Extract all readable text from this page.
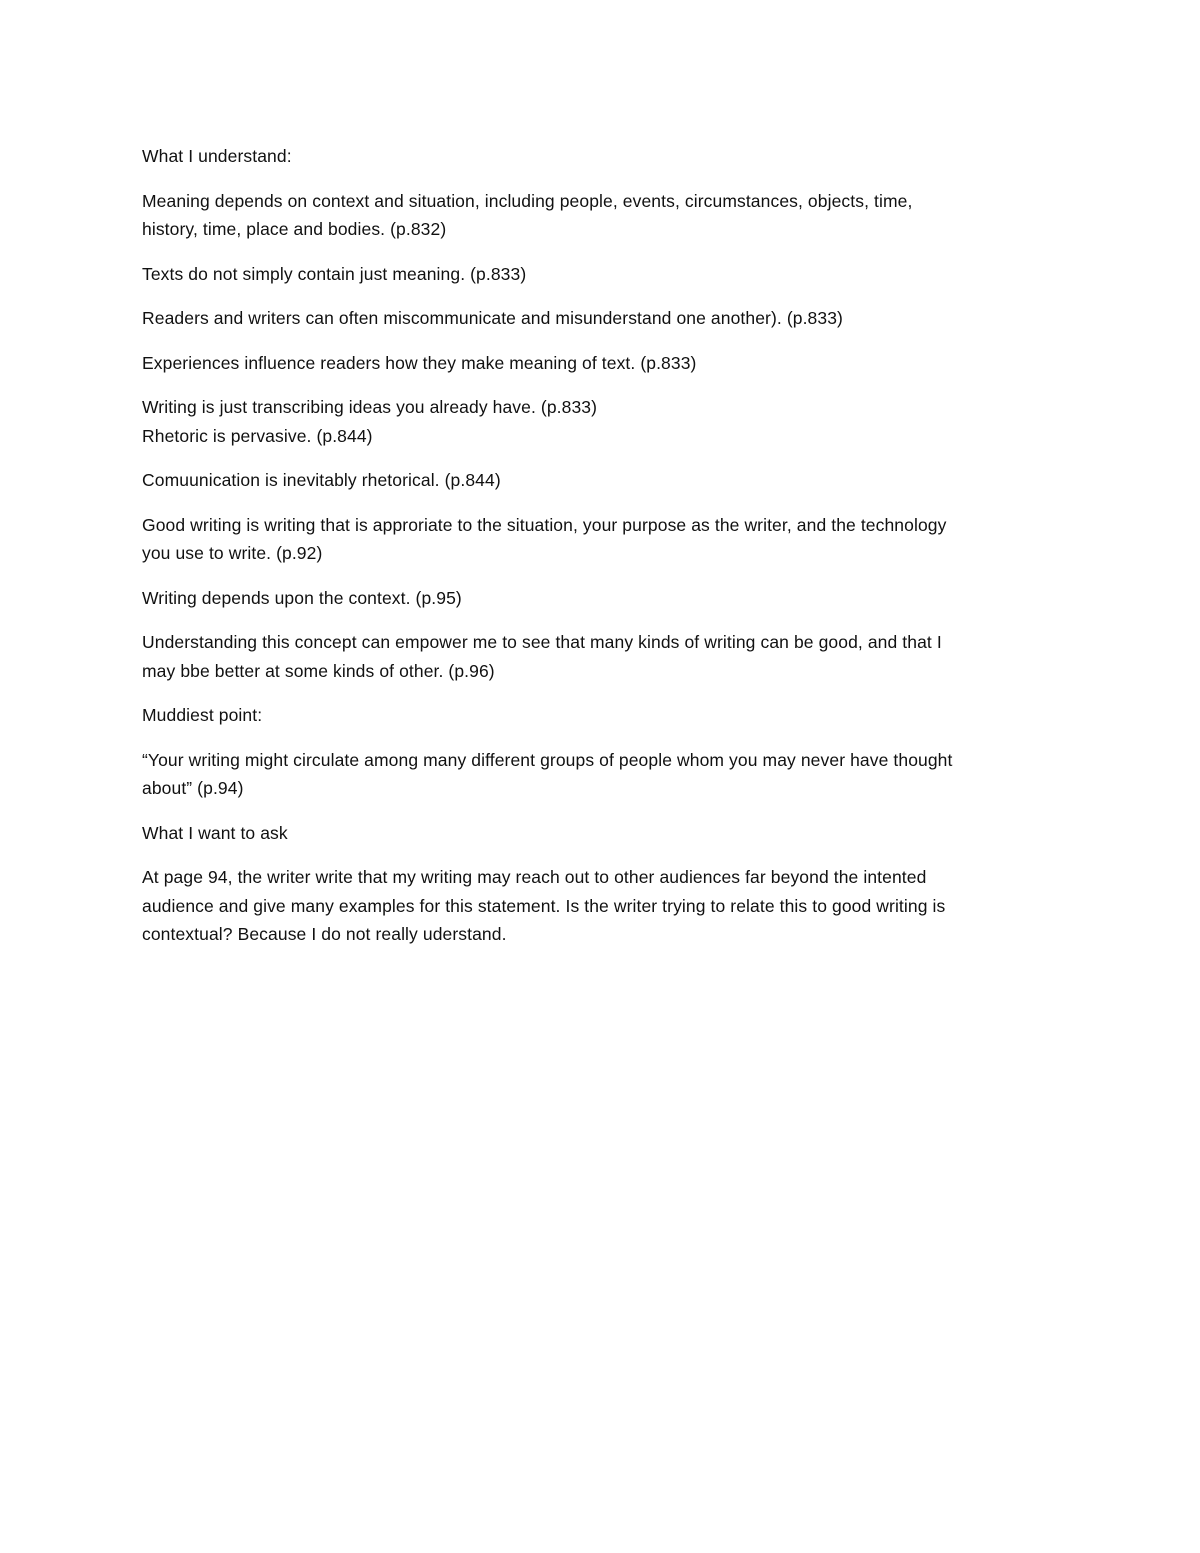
What I understand:

Meaning depends on context and situation, including people, events, circumstances, objects, time,
history, time, place and bodies. (p.832)

Texts do not simply contain just meaning. (p.833)

Readers and writers can often miscommunicate and misunderstand one another). (p.833)

Experiences influence readers how they make meaning of text. (p.833)

Writing is just transcribing ideas you already have. (p.833)
Rhetoric is pervasive. (p.844)

Comuunication is inevitably rhetorical. (p.844)

Good writing is writing that is approriate to the situation, your purpose as the writer, and the technology
you use to write. (p.92)

Writing depends upon the context. (p.95)

Understanding this concept can empower me to see that many kinds of writing can be good, and that I
may bbe better at some kinds of other. (p.96)

Muddiest point:

“Your writing might circulate among many different groups of people whom you may never have thought
about” (p.94)

What I want to ask

At page 94, the writer write that my writing may reach out to other audiences far beyond the intented
audience and give many examples for this statement. Is the writer trying to relate this to good writing is
contextual? Because I do not really uderstand.
